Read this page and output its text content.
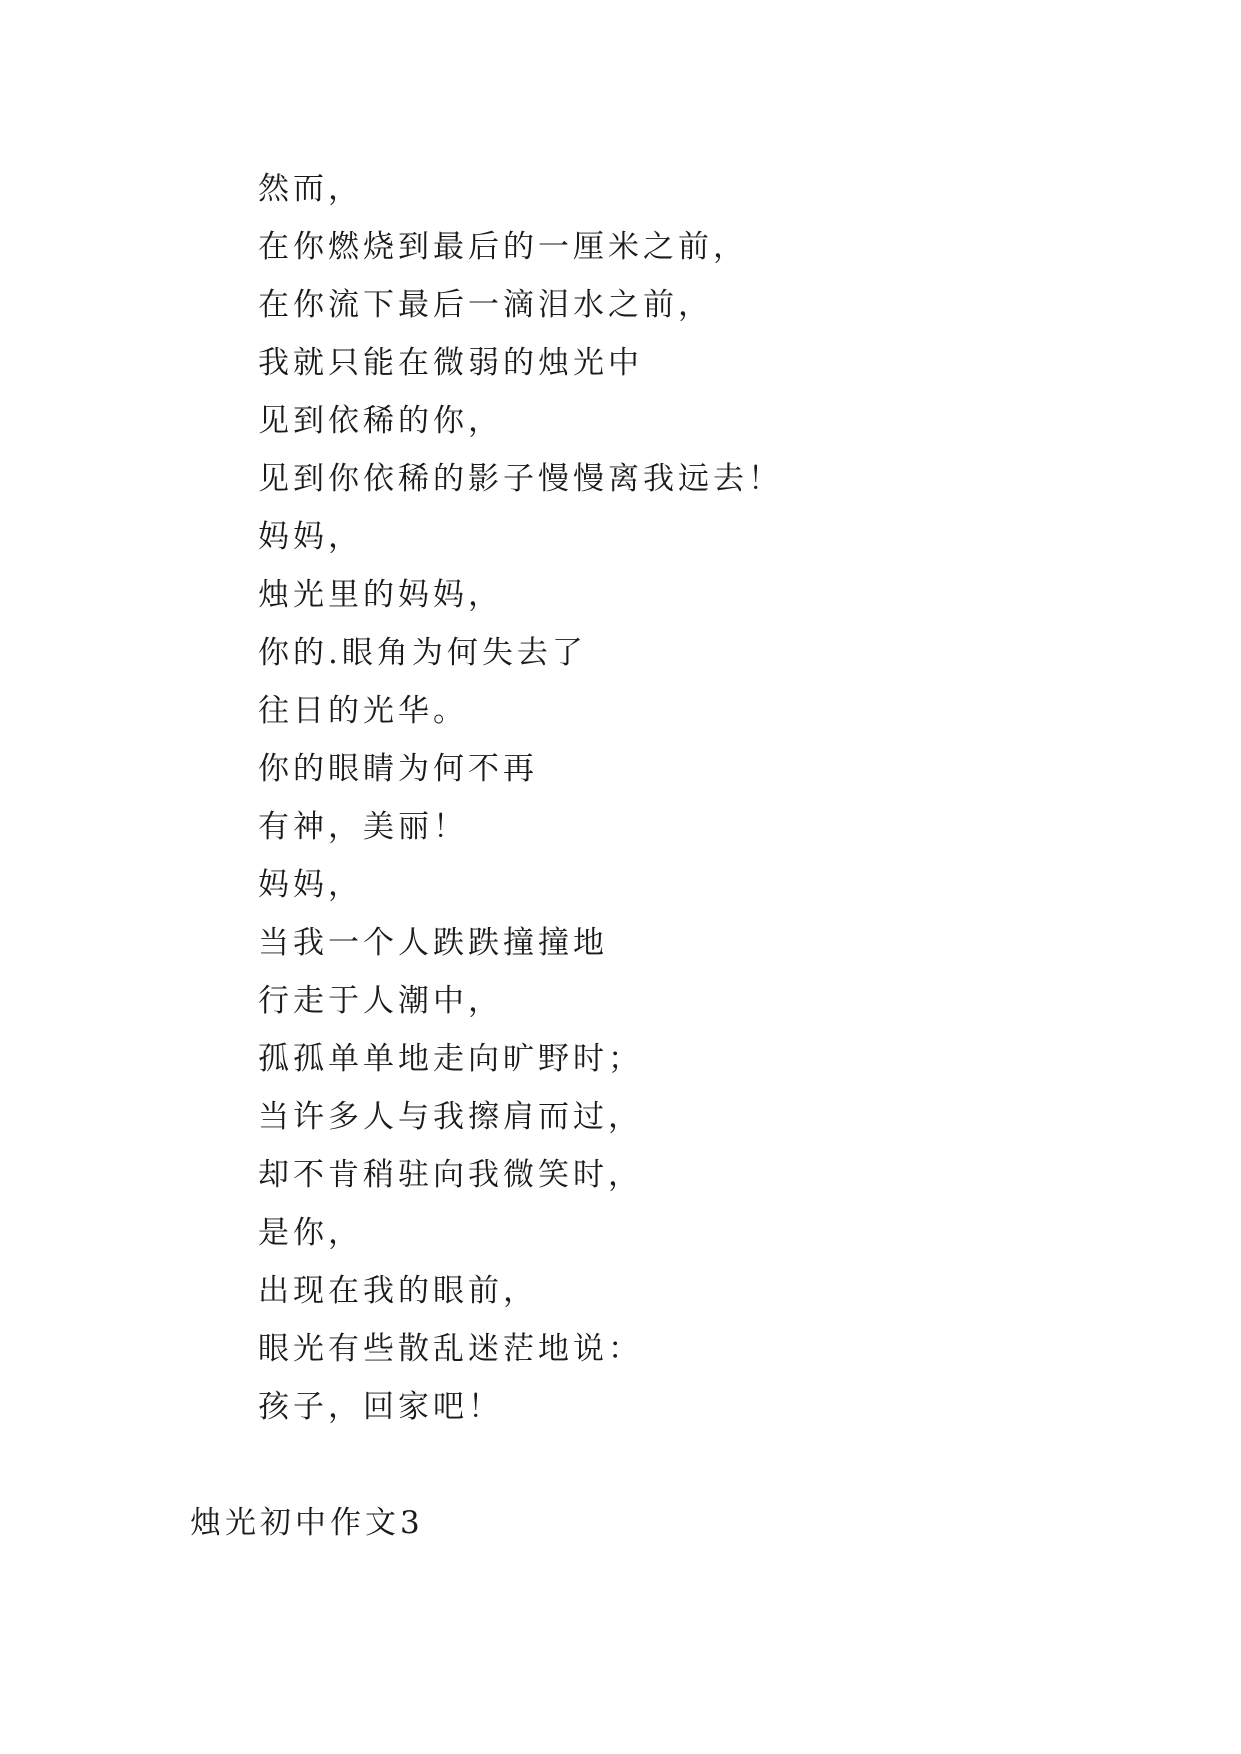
然而，
在你燃烧到最后的一厘米之前，
在你流下最后一滴泪水之前，
我就只能在微弱的烛光中
见到依稀的你，
见到你依稀的影子慢慢离我远去！
妈妈，
烛光里的妈妈，
你的.眼角为何失去了
往日的光华。
你的眼睛为何不再
有神，美丽！
妈妈，
当我一个人跌跌撞撞地
行走于人潮中，
孤孤单单地走向旷野时；
当许多人与我擦肩而过，
却不肯稍驻向我微笑时，
是你，
出现在我的眼前，
眼光有些散乱迷茫地说：
孩子，回家吧！
烛光初中作文3
